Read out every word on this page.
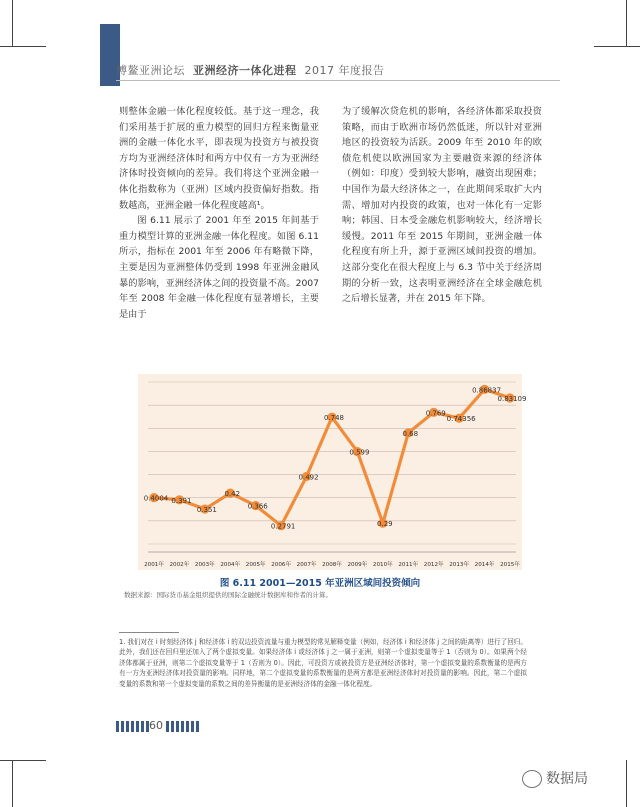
博鳌亚洲论坛 亚洲经济一体化进程 2017 年度报告

则整体金融一体化程度较低。基于这一理念，我们采用基于扩展的重力模型的回归方程来衡量亚洲的金融一体化水平，即表现为投资方与被投资方均为亚洲经济体时和两方中仅有一方为亚洲经济体时投资倾向的差异。我们将这个亚洲金融一体化指数称为（亚洲）区域内投资偏好指数。指数越高，亚洲金融一体化程度越高¹。

图 6.11 展示了 2001 年至 2015 年间基于重力模型计算的亚洲金融一体化程度。如图 6.11 所示，指标在 2001 年至 2006 年有略微下降，主要是因为亚洲整体仍受到 1998 年亚洲金融风暴的影响，亚洲经济体之间的投资量不高。2007 年至 2008 年金融一体化程度有显著增长，主要是由于

为了缓解次贷危机的影响，各经济体都采取投资策略，而由于欧洲市场仍然低迷，所以针对亚洲地区的投资较为活跃。2009 年至 2010 年的欧债危机使以欧洲国家为主要融资来源的经济体（例如：印度）受到较大影响，融资出现困难；中国作为最大经济体之一，在此期间采取扩大内需、增加对内投资的政策，也对一体化有一定影响；韩国、日本受金融危机影响较大，经济增长缓慢。2011 年至 2015 年期间，亚洲金融一体化程度有所上升，源于亚洲区域间投资的增加。这部分变化在很大程度上与 6.3 节中关于经济周期的分析一致，这表明亚洲经济在全球金融危机之后增长显著，并在 2015 年下降。

0.4004 0.391
0.351
0.42
0.366
0.2791
0.492
0.748
0.599
0.29
0.68
0.769
0.74356
0.86837
0.83109
2001年 2002年 2003年 2004年 2005年 2006年 2007年 2008年 2009年 2010年 2011年 2012年 2013年 2014年 2015年
图 6.11 2001—2015 年亚洲区域间投资倾向
数据来源：国际货币基金组织提供的国际金融统计数据库和作者的计算。
1. 我们对在 i 时刻经济体 j 和经济体 i 的双边投资流量与重力模型的常见解释变量（例如，经济体 i 和经济体 j 之间的距离等）进行了回归。此外，我们还在回归里还加入了两个虚拟变量。如果经济体 i 或经济体 j 之一属于亚洲，则第一个虚拟变量等于 1（否则为 0）。如果两个经济体都属于亚洲，则第二个虚拟变量等于 1（否则为 0）。因此，可投资方或被投资方是亚洲经济体时，第一个虚拟变量的系数衡量的是两方有一方为亚洲经济体对投资量的影响。同样地，第二个虚拟变量的系数衡量的是两方都是亚洲经济体时对投资量的影响。因此，第二个虚拟变量的系数和第一个虚拟变量的系数之间的差异衡量的是亚洲经济体的金融一体化程度。
60
数据局
